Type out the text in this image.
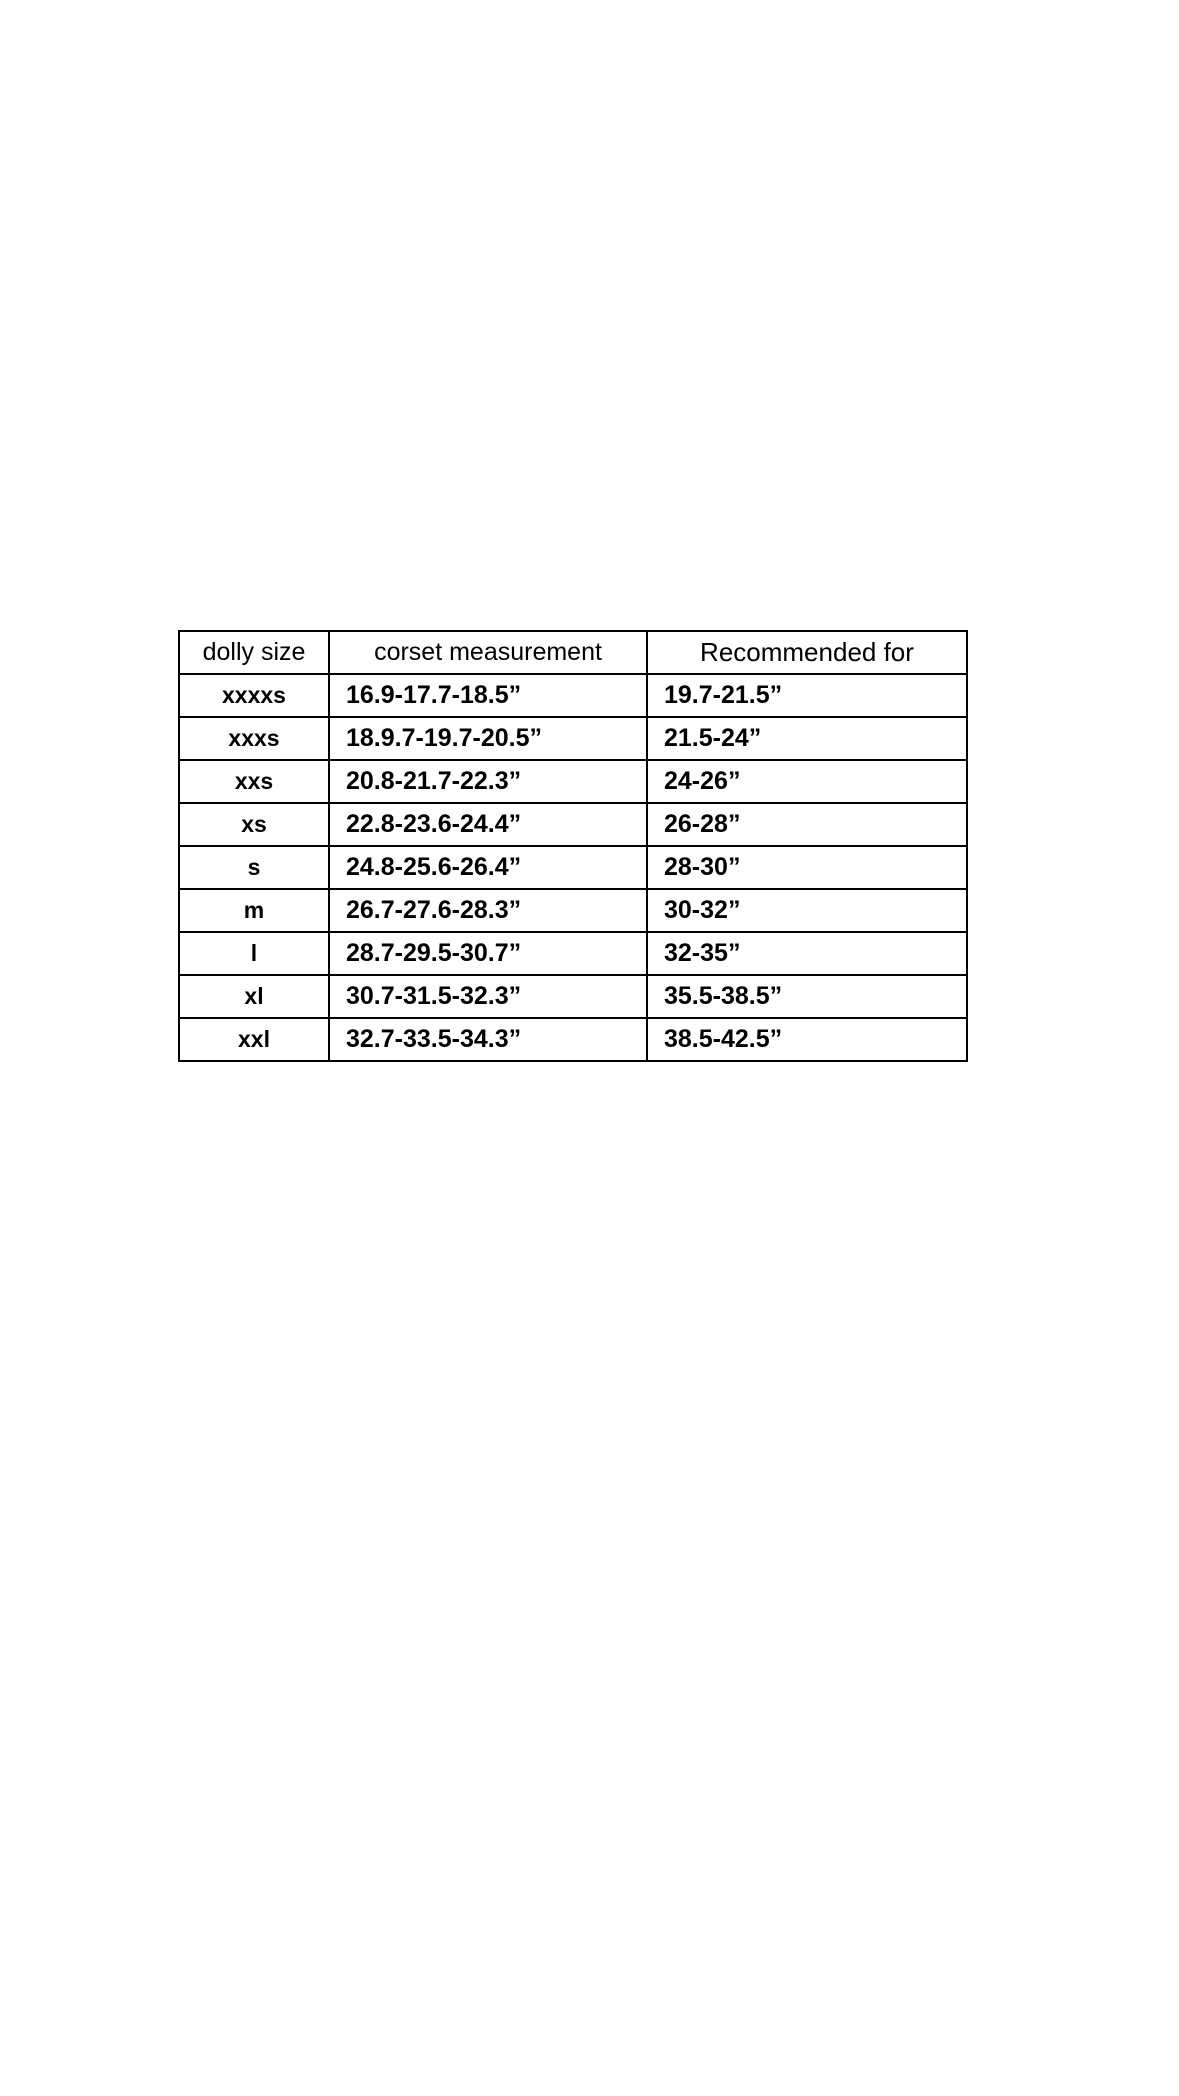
dolly size	corset measurement	Recommended for
xxxxs	16.9-17.7-18.5”	19.7-21.5”
xxxs	18.9.7-19.7-20.5”	21.5-24”
xxs	20.8-21.7-22.3”	24-26”
xs	22.8-23.6-24.4”	26-28”
s	24.8-25.6-26.4”	28-30”
m	26.7-27.6-28.3”	30-32”
l	28.7-29.5-30.7”	32-35”
xl	30.7-31.5-32.3”	35.5-38.5”
xxl	32.7-33.5-34.3”	38.5-42.5”
